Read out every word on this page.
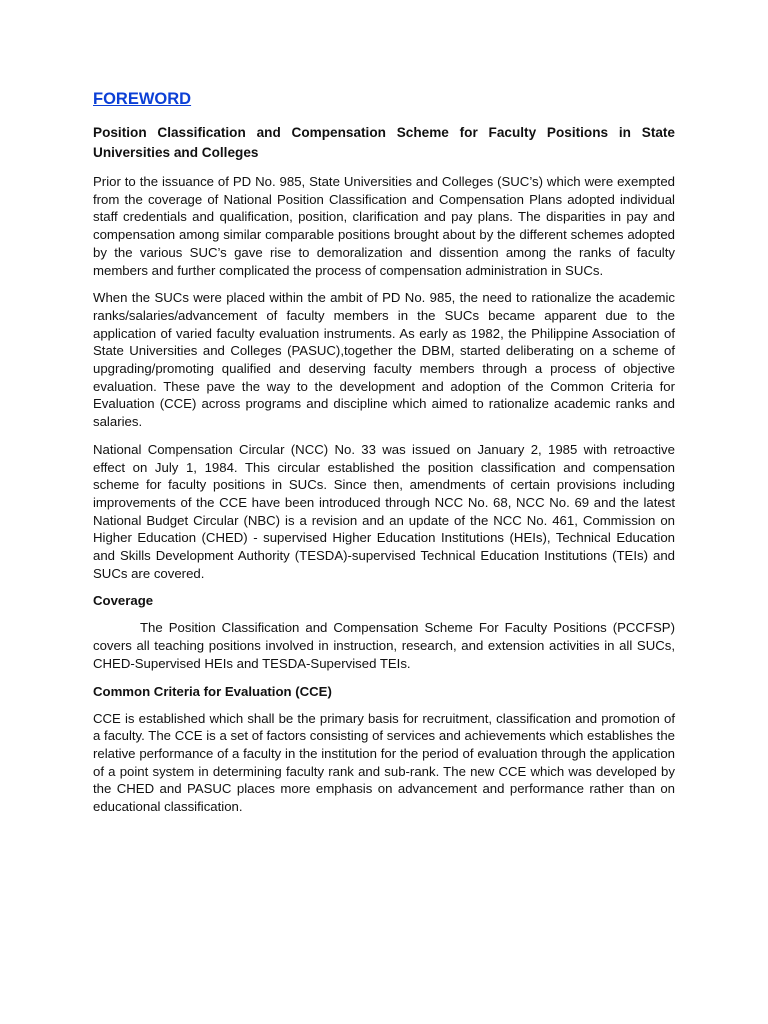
FOREWORD
Position Classification and Compensation Scheme for Faculty Positions in State Universities and Colleges

Prior to the issuance of PD No. 985, State Universities and Colleges (SUC’s) which were exempted from the coverage of National Position Classification and Compensation Plans adopted individual staff credentials and qualification, position, clarification and pay plans. The disparities in pay and compensation among similar comparable positions brought about by the different schemes adopted by the various SUC’s gave rise to demoralization and dissention among the ranks of faculty members and further complicated the process of compensation administration in SUCs.

When the SUCs were placed within the ambit of PD No. 985, the need to rationalize the academic ranks/salaries/advancement of faculty members in the SUCs became apparent due to the application of varied faculty evaluation instruments. As early as 1982, the Philippine Association of State Universities and Colleges (PASUC),together the DBM, started deliberating on a scheme of upgrading/promoting qualified and deserving faculty members through a process of objective evaluation. These pave the way to the development and adoption of the Common Criteria for Evaluation (CCE) across programs and discipline which aimed to rationalize academic ranks and salaries.

National Compensation Circular (NCC) No. 33 was issued on January 2, 1985 with retroactive effect on July 1, 1984. This circular established the position classification and compensation scheme for faculty positions in SUCs. Since then, amendments of certain provisions including improvements of the CCE have been introduced through NCC No. 68, NCC No. 69 and the latest National Budget Circular (NBC) is a revision and an update of the NCC No. 461, Commission on Higher Education (CHED) - supervised Higher Education Institutions (HEIs), Technical Education and Skills Development Authority (TESDA)-supervised Technical Education Institutions (TEIs) and SUCs are covered.

Coverage

The Position Classification and Compensation Scheme For Faculty Positions (PCCFSP) covers all teaching positions involved in instruction, research, and extension activities in all SUCs, CHED-Supervised HEIs and TESDA-Supervised TEIs.

Common Criteria for Evaluation (CCE)

CCE is established which shall be the primary basis for recruitment, classification and promotion of a faculty. The CCE is a set of factors consisting of services and achievements which establishes the relative performance of a faculty in the institution for the period of evaluation through the application of a point system in determining faculty rank and sub-rank. The new CCE which was developed by the CHED and PASUC places more emphasis on advancement and performance rather than on educational classification.
